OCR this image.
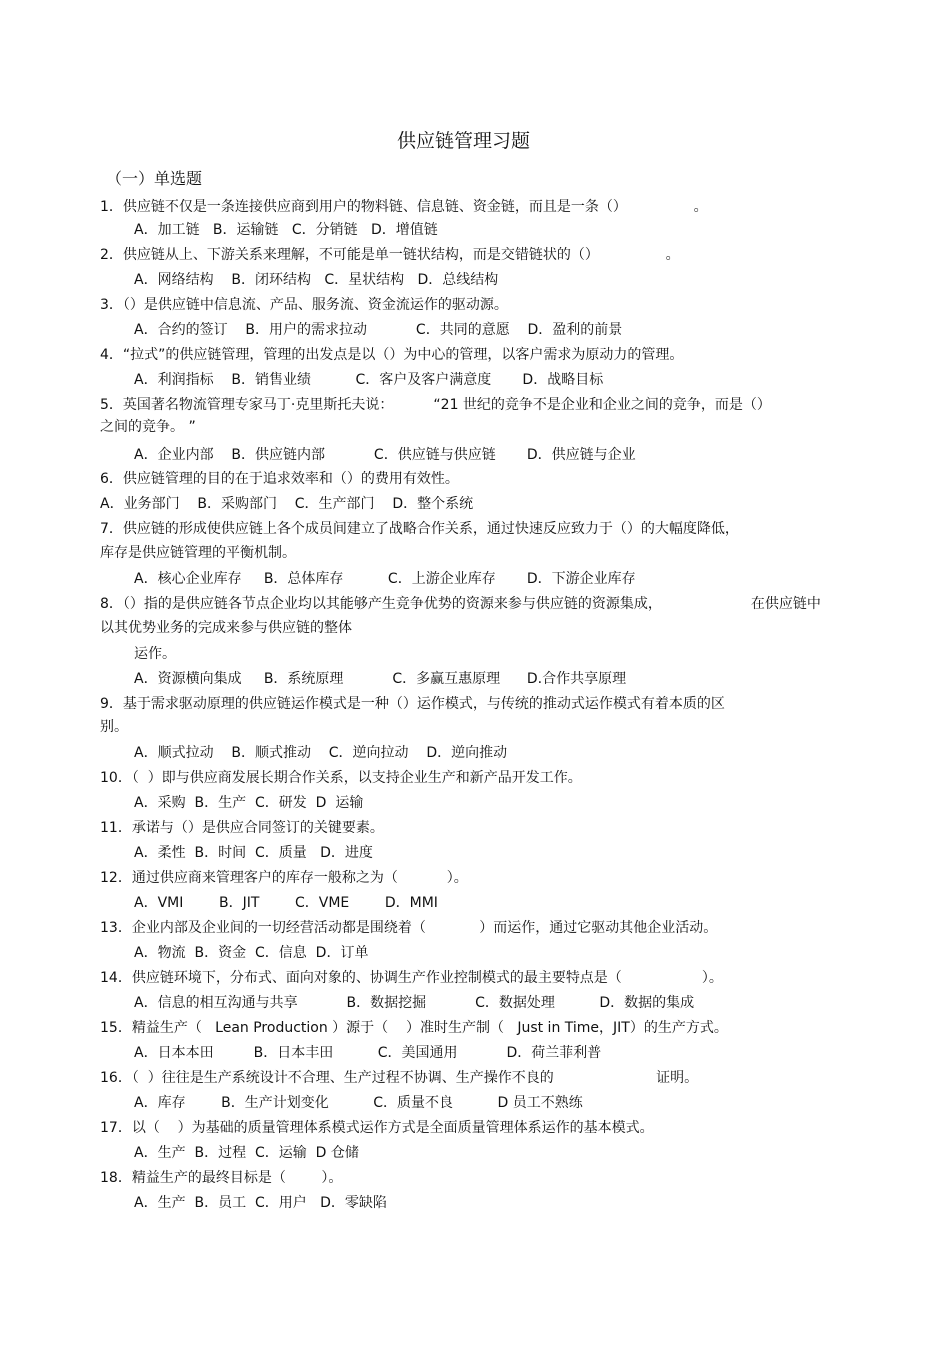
供应链管理习题
（一）单选题
1．供应链不仅是一条连接供应商到用户的物料链、信息链、资金链，而且是一条（）               。
A．加工链   B．运输链   C．分销链   D．增值链
2．供应链从上、下游关系来理解，不可能是单一链状结构，而是交错链状的（）               。
A．网络结构    B．闭环结构   C．星状结构   D．总线结构
3．（）是供应链中信息流、产品、服务流、资金流运作的驱动源。
A．合约的签订    B．用户的需求拉动           C．共同的意愿    D．盈利的前景
4．“拉式”的供应链管理，管理的出发点是以（）为中心的管理，以客户需求为原动力的管理。
A．利润指标    B．销售业绩          C．客户及客户满意度       D．战略目标
5．英国著名物流管理专家马丁·克里斯托夫说：         “21 世纪的竞争不是企业和企业之间的竞争，而是（）
之间的竞争。 ”
A．企业内部    B．供应链内部           C．供应链与供应链       D．供应链与企业
6．供应链管理的目的在于追求效率和（）的费用有效性。
A．业务部门    B．采购部门    C．生产部门    D．整个系统
7．供应链的形成使供应链上各个成员间建立了战略合作关系，通过快速反应致力于（）的大幅度降低，
库存是供应链管理的平衡机制。
A．核心企业库存     B．总体库存          C．上游企业库存       D．下游企业库存
8．（）指的是供应链各节点企业均以其能够产生竞争优势的资源来参与供应链的资源集成，                    在供应链中
以其优势业务的完成来参与供应链的整体
运作。
A．资源横向集成     B．系统原理           C．多赢互惠原理      D.合作共享原理
9．基于需求驱动原理的供应链运作模式是一种（）运作模式，与传统的推动式运作模式有着本质的区
别。
A．顺式拉动    B．顺式推动    C．逆向拉动    D．逆向推动
10．（  ）即与供应商发展长期合作关系，以支持企业生产和新产品开发工作。
A．采购  B．生产  C．研发  D  运输
11．承诺与（）是供应合同签订的关键要素。
A．柔性  B．时间  C．质量   D．进度
12．通过供应商来管理客户的库存一般称之为（           ）。
A．VMI        B．JIT        C．VME        D．MMI
13．企业内部及企业间的一切经营活动都是围绕着（            ）而运作，通过它驱动其他企业活动。
A．物流  B．资金  C．信息  D．订单
14．供应链环境下，分布式、面向对象的、协调生产作业控制模式的最主要特点是（                  ）。
A．信息的相互沟通与共享           B．数据挖掘           C．数据处理          D．数据的集成
15．精益生产（   Lean Production ）源于（    ）准时生产制（   Just in Time，JIT）的生产方式。
A．日本本田         B．日本丰田          C．美国通用           D．荷兰菲利普
16．（  ）往往是生产系统设计不合理、生产过程不协调、生产操作不良的                       证明。
A．库存        B．生产计划变化          C．质量不良          D 员工不熟练
17．以（    ）为基础的质量管理体系模式运作方式是全面质量管理体系运作的基本模式。
A．生产  B．过程  C．运输  D 仓储
18．精益生产的最终目标是（        ）。
A．生产  B．员工  C．用户   D．零缺陷
